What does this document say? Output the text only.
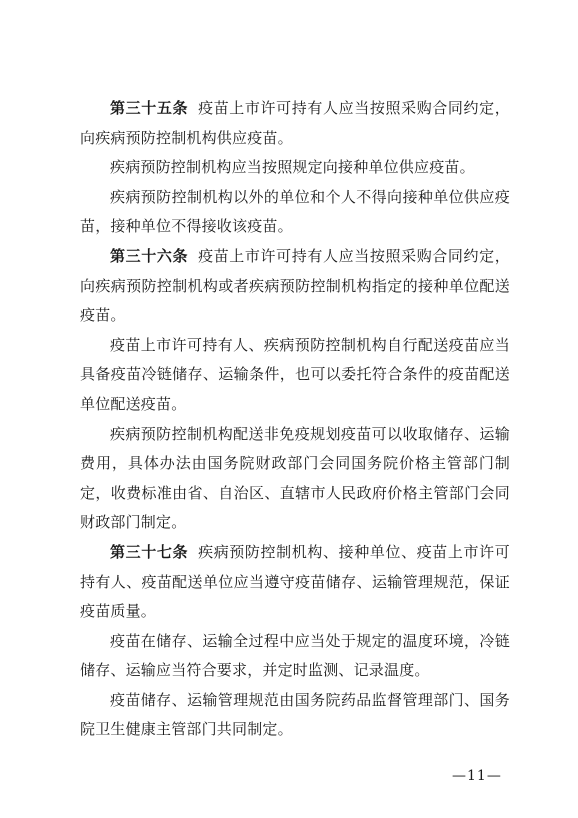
第三十五条 疫苗上市许可持有人应当按照采购合同约定，向疾病预防控制机构供应疫苗。

疾病预防控制机构应当按照规定向接种单位供应疫苗。

疾病预防控制机构以外的单位和个人不得向接种单位供应疫苗，接种单位不得接收该疫苗。

第三十六条 疫苗上市许可持有人应当按照采购合同约定，向疾病预防控制机构或者疾病预防控制机构指定的接种单位配送疫苗。

疫苗上市许可持有人、疾病预防控制机构自行配送疫苗应当具备疫苗冷链储存、运输条件，也可以委托符合条件的疫苗配送单位配送疫苗。

疾病预防控制机构配送非免疫规划疫苗可以收取储存、运输费用，具体办法由国务院财政部门会同国务院价格主管部门制定，收费标准由省、自治区、直辖市人民政府价格主管部门会同财政部门制定。

第三十七条 疾病预防控制机构、接种单位、疫苗上市许可持有人、疫苗配送单位应当遵守疫苗储存、运输管理规范，保证疫苗质量。

疫苗在储存、运输全过程中应当处于规定的温度环境，冷链储存、运输应当符合要求，并定时监测、记录温度。

疫苗储存、运输管理规范由国务院药品监督管理部门、国务院卫生健康主管部门共同制定。

—11—
